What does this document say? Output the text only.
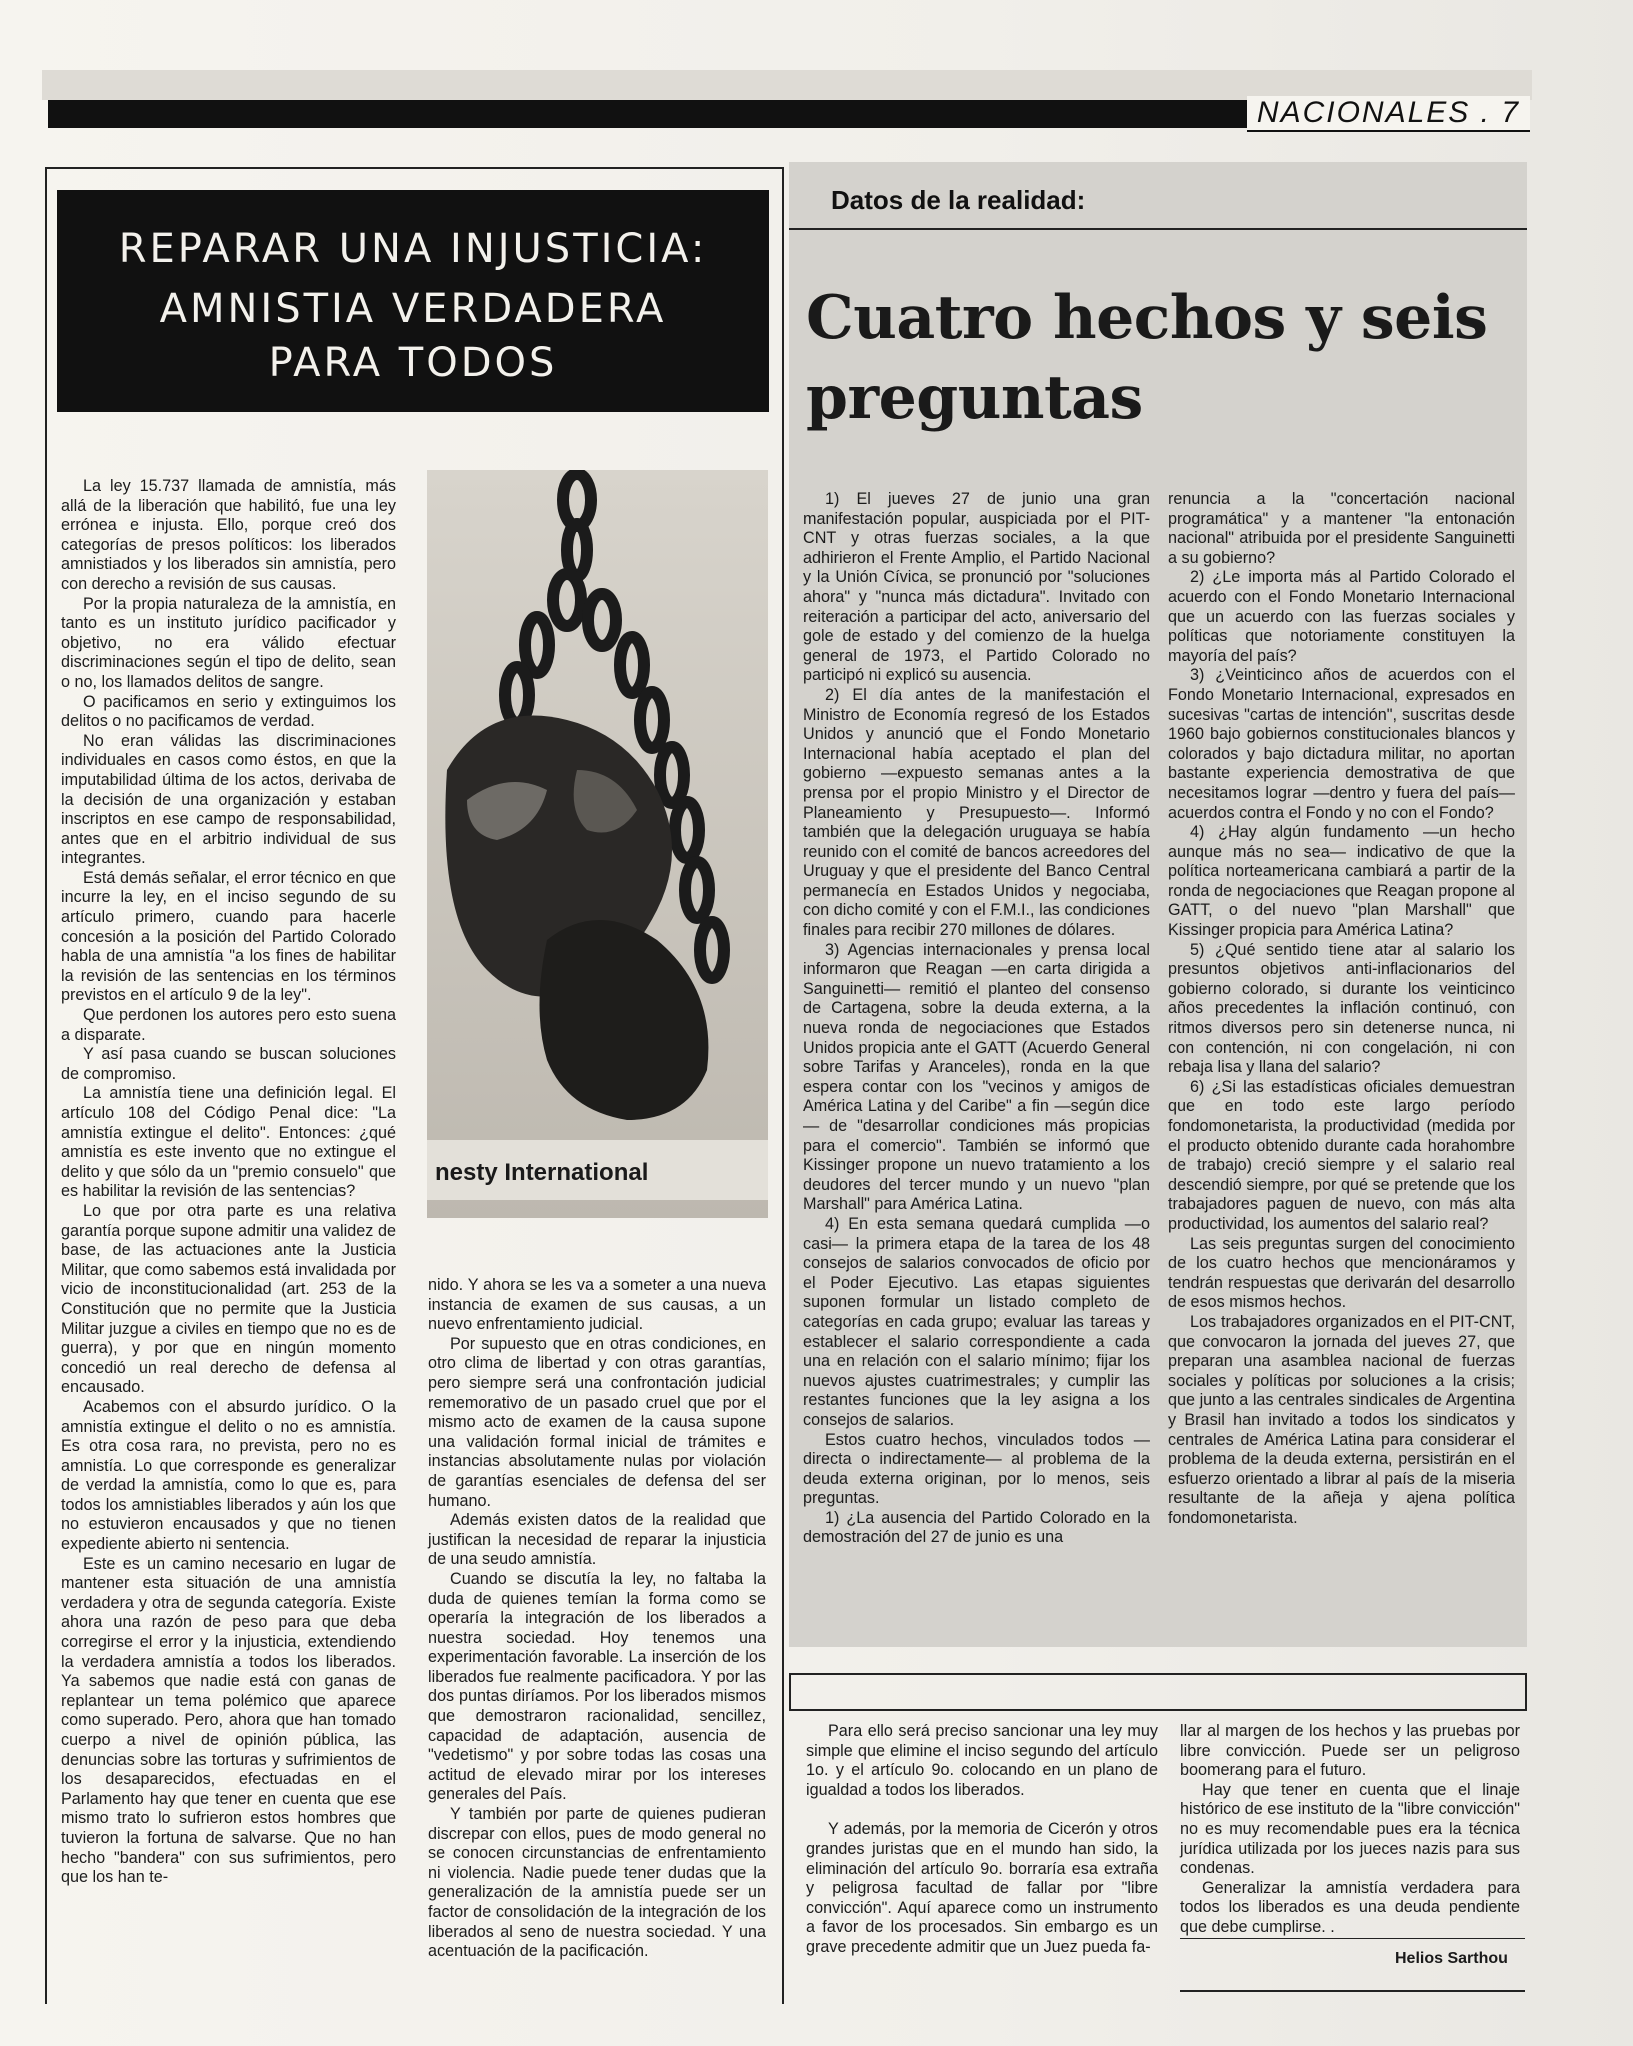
NACIONALES . 7
REPARAR UNA INJUSTICIA:
AMNISTIA VERDADERA
PARA TODOS

La ley 15.737 llamada de amnistía, más allá de la liberación que habilitó, fue una ley errónea e injusta. Ello, porque creó dos categorías de presos políticos: los liberados amnistiados y los liberados sin amnistía, pero con derecho a revisión de sus causas.

Por la propia naturaleza de la amnistía, en tanto es un instituto jurídico pacificador y objetivo, no era válido efectuar discriminaciones según el tipo de delito, sean o no, los llamados delitos de sangre.

O pacificamos en serio y extinguimos los delitos o no pacificamos de verdad.

No eran válidas las discriminaciones individuales en casos como éstos, en que la imputabilidad última de los actos, derivaba de la decisión de una organización y estaban inscriptos en ese campo de responsabilidad, antes que en el arbitrio individual de sus integrantes.

Está demás señalar, el error técnico en que incurre la ley, en el inciso segundo de su artículo primero, cuando para hacerle concesión a la posición del Partido Colorado habla de una amnistía "a los fines de habilitar la revisión de las sentencias en los términos previstos en el artículo 9 de la ley".

Que perdonen los autores pero esto suena a disparate.

Y así pasa cuando se buscan soluciones de compromiso.

La amnistía tiene una definición legal. El artículo 108 del Código Penal dice: "La amnistía extingue el delito". Entonces: ¿qué amnistía es este invento que no extingue el delito y que sólo da un "premio consuelo" que es habilitar la revisión de las sentencias?

Lo que por otra parte es una relativa garantía porque supone admitir una validez de base, de las actuaciones ante la Justicia Militar, que como sabemos está invalidada por vicio de inconstitucionalidad (art. 253 de la Constitución que no permite que la Justicia Militar juzgue a civiles en tiempo que no es de guerra), y por que en ningún momento concedió un real derecho de defensa al encausado.

Acabemos con el absurdo jurídico. O la amnistía extingue el delito o no es amnistía. Es otra cosa rara, no prevista, pero no es amnistía. Lo que corresponde es generalizar de verdad la amnistía, como lo que es, para todos los amnistiables liberados y aún los que no estuvieron encausados y que no tienen expediente abierto ni sentencia.

Este es un camino necesario en lugar de mantener esta situación de una amnistía verdadera y otra de segunda categoría. Existe ahora una razón de peso para que deba corregirse el error y la injusticia, extendiendo la verdadera amnistía a todos los liberados. Ya sabemos que nadie está con ganas de replantear un tema polémico que aparece como superado. Pero, ahora que han tomado cuerpo a nivel de opinión pública, las denuncias sobre las torturas y sufrimientos de los desaparecidos, efectuadas en el Parlamento hay que tener en cuenta que ese mismo trato lo sufrieron estos hombres que tuvieron la fortuna de salvarse. Que no han hecho "bandera" con sus sufrimientos, pero que los han te-

nesty International

nido. Y ahora se les va a someter a una nueva instancia de examen de sus causas, a un nuevo enfrentamiento judicial.

Por supuesto que en otras condiciones, en otro clima de libertad y con otras garantías, pero siempre será una confrontación judicial rememorativo de un pasado cruel que por el mismo acto de examen de la causa supone una validación formal inicial de trámites e instancias absolutamente nulas por violación de garantías esenciales de defensa del ser humano.

Además existen datos de la realidad que justifican la necesidad de reparar la injusticia de una seudo amnistía.

Cuando se discutía la ley, no faltaba la duda de quienes temían la forma como se operaría la integración de los liberados a nuestra sociedad. Hoy tenemos una experimentación favorable. La inserción de los liberados fue realmente pacificadora. Y por las dos puntas diríamos. Por los liberados mismos que demostraron racionalidad, sencillez, capacidad de adaptación, ausencia de "vedetismo" y por sobre todas las cosas una actitud de elevado mirar por los intereses generales del País.

Y también por parte de quienes pudieran discrepar con ellos, pues de modo general no se conocen circunstancias de enfrentamiento ni violencia. Nadie puede tener dudas que la generalización de la amnistía puede ser un factor de consolidación de la integración de los liberados al seno de nuestra sociedad. Y una acentuación de la pacificación.

Datos de la realidad:
Cuatro hechos y seis preguntas

1) El jueves 27 de junio una gran manifestación popular, auspiciada por el PIT-CNT y otras fuerzas sociales, a la que adhirieron el Frente Amplio, el Partido Nacional y la Unión Cívica, se pronunció por "soluciones ahora" y "nunca más dictadura". Invitado con reiteración a participar del acto, aniversario del gole de estado y del comienzo de la huelga general de 1973, el Partido Colorado no participó ni explicó su ausencia.

2) El día antes de la manifestación el Ministro de Economía regresó de los Estados Unidos y anunció que el Fondo Monetario Internacional había aceptado el plan del gobierno —expuesto semanas antes a la prensa por el propio Ministro y el Director de Planeamiento y Presupuesto—. Informó también que la delegación uruguaya se había reunido con el comité de bancos acreedores del Uruguay y que el presidente del Banco Central permanecía en Estados Unidos y negociaba, con dicho comité y con el F.M.I., las condiciones finales para recibir 270 millones de dólares.

3) Agencias internacionales y prensa local informaron que Reagan —en carta dirigida a Sanguinetti— remitió el planteo del consenso de Cartagena, sobre la deuda externa, a la nueva ronda de negociaciones que Estados Unidos propicia ante el GATT (Acuerdo General sobre Tarifas y Aranceles), ronda en la que espera contar con los "vecinos y amigos de América Latina y del Caribe" a fin —según dice— de "desarrollar condiciones más propicias para el comercio". También se informó que Kissinger propone un nuevo tratamiento a los deudores del tercer mundo y un nuevo "plan Marshall" para América Latina.

4) En esta semana quedará cumplida —o casi— la primera etapa de la tarea de los 48 consejos de salarios convocados de oficio por el Poder Ejecutivo. Las etapas siguientes suponen formular un listado completo de categorías en cada grupo; evaluar las tareas y establecer el salario correspondiente a cada una en relación con el salario mínimo; fijar los nuevos ajustes cuatrimestrales; y cumplir las restantes funciones que la ley asigna a los consejos de salarios.

Estos cuatro hechos, vinculados todos —directa o indirectamente— al problema de la deuda externa originan, por lo menos, seis preguntas.

1) ¿La ausencia del Partido Colorado en la demostración del 27 de junio es una

renuncia a la "concertación nacional programática" y a mantener "la entonación nacional" atribuida por el presidente Sanguinetti a su gobierno?

2) ¿Le importa más al Partido Colorado el acuerdo con el Fondo Monetario Internacional que un acuerdo con las fuerzas sociales y políticas que notoriamente constituyen la mayoría del país?

3) ¿Veinticinco años de acuerdos con el Fondo Monetario Internacional, expresados en sucesivas "cartas de intención", suscritas desde 1960 bajo gobiernos constitucionales blancos y colorados y bajo dictadura militar, no aportan bastante experiencia demostrativa de que necesitamos lograr —dentro y fuera del país— acuerdos contra el Fondo y no con el Fondo?

4) ¿Hay algún fundamento —un hecho aunque más no sea— indicativo de que la política norteamericana cambiará a partir de la ronda de negociaciones que Reagan propone al GATT, o del nuevo "plan Marshall" que Kissinger propicia para América Latina?

5) ¿Qué sentido tiene atar al salario los presuntos objetivos anti-inflacionarios del gobierno colorado, si durante los veinticinco años precedentes la inflación continuó, con ritmos diversos pero sin detenerse nunca, ni con contención, ni con congelación, ni con rebaja lisa y llana del salario?

6) ¿Si las estadísticas oficiales demuestran que en todo este largo período fondomonetarista, la productividad (medida por el producto obtenido durante cada horahombre de trabajo) creció siempre y el salario real descendió siempre, por qué se pretende que los trabajadores paguen de nuevo, con más alta productividad, los aumentos del salario real?

Las seis preguntas surgen del conocimiento de los cuatro hechos que mencionáramos y tendrán respuestas que derivarán del desarrollo de esos mismos hechos.

Los trabajadores organizados en el PIT-CNT, que convocaron la jornada del jueves 27, que preparan una asamblea nacional de fuerzas sociales y políticas por soluciones a la crisis; que junto a las centrales sindicales de Argentina y Brasil han invitado a todos los sindicatos y centrales de América Latina para considerar el problema de la deuda externa, persistirán en el esfuerzo orientado a librar al país de la miseria resultante de la añeja y ajena política fondomonetarista.

Para ello será preciso sancionar una ley muy simple que elimine el inciso segundo del artículo 1o. y el artículo 9o. colocando en un plano de igualdad a todos los liberados.

Y además, por la memoria de Cicerón y otros grandes juristas que en el mundo han sido, la eliminación del artículo 9o. borraría esa extraña y peligrosa facultad de fallar por "libre convicción". Aquí aparece como un instrumento a favor de los procesados. Sin embargo es un grave precedente admitir que un Juez pueda fa-

llar al margen de los hechos y las pruebas por libre convicción. Puede ser un peligroso boomerang para el futuro.

Hay que tener en cuenta que el linaje histórico de ese instituto de la "libre convicción" no es muy recomendable pues era la técnica jurídica utilizada por los jueces nazis para sus condenas.

Generalizar la amnistía verdadera para todos los liberados es una deuda pendiente que debe cumplirse. .

Helios Sarthou
